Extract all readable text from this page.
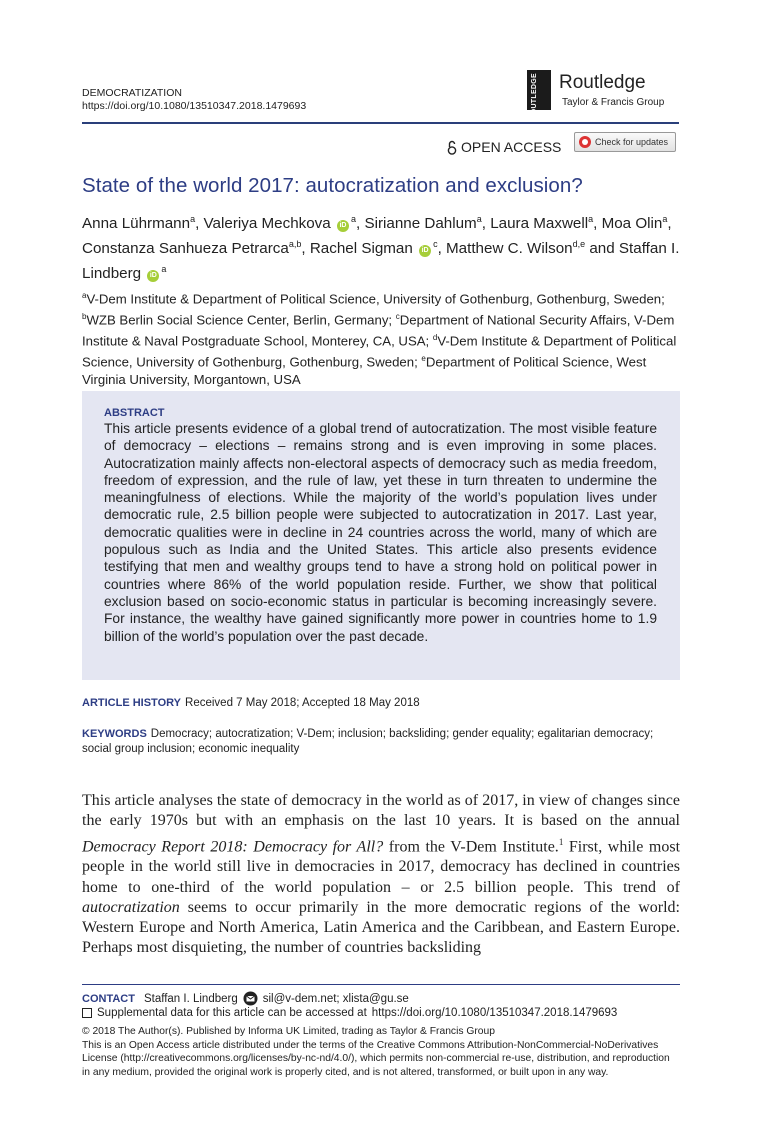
DEMOCRATIZATION
https://doi.org/10.1080/13510347.2018.1479693	ROUTLEDGE Routledge
Taylor & Francis Group
OPEN ACCESS	Check for updates
State of the world 2017: autocratization and exclusion?
Anna Lührmann$^a$, Valeriya Mechkova $iD^a$, Sirianne Dahlum$^a$, Laura Maxwell$^a$, Moa Olin$^a$, Constanza Sanhueza Petrarca$^{a,b}$, Rachel Sigman $iD^c$, Matthew C. Wilson$^{d,e}$ and Staffan I. Lindberg $iD^a$
$^a$V-Dem Institute & Department of Political Science, University of Gothenburg, Gothenburg, Sweden; $^b$WZB Berlin Social Science Center, Berlin, Germany; $^c$Department of National Security Affairs, V-Dem Institute & Naval Postgraduate School, Monterey, CA, USA; $^d$V-Dem Institute & Department of Political Science, University of Gothenburg, Gothenburg, Sweden; $^e$Department of Political Science, West Virginia University, Morgantown, USA
ABSTRACT
This article presents evidence of a global trend of autocratization. The most visible feature of democracy – elections – remains strong and is even improving in some places. Autocratization mainly affects non-electoral aspects of democracy such as media freedom, freedom of expression, and the rule of law, yet these in turn threaten to undermine the meaningfulness of elections. While the majority of the world’s population lives under democratic rule, 2.5 billion people were subjected to autocratization in 2017. Last year, democratic qualities were in decline in 24 countries across the world, many of which are populous such as India and the United States. This article also presents evidence testifying that men and wealthy groups tend to have a strong hold on political power in countries where 86% of the world population reside. Further, we show that political exclusion based on socio-economic status in particular is becoming increasingly severe. For instance, the wealthy have gained significantly more power in countries home to 1.9 billion of the world’s population over the past decade.
ARTICLE HISTORY Received 7 May 2018; Accepted 18 May 2018
KEYWORDS Democracy; autocratization; V-Dem; inclusion; backsliding; gender equality; egalitarian democracy; social group inclusion; economic inequality
This article analyses the state of democracy in the world as of 2017, in view of changes since the early 1970s but with an emphasis on the last 10 years. It is based on the annual Democracy Report 2018: Democracy for All? from the V-Dem Institute.$^1$ First, while most people in the world still live in democracies in 2017, democracy has declined in countries home to one-third of the world population – or 2.5 billion people. This trend of autocratization seems to occur primarily in the more democratic regions of the world: Western Europe and North America, Latin America and the Caribbean, and Eastern Europe. Perhaps most disquieting, the number of countries backsliding
CONTACT Staffan I. Lindberg sil@v-dem.net; xlista@gu.se
Supplemental data for this article can be accessed at https://doi.org/10.1080/13510347.2018.1479693

© 2018 The Author(s). Published by Informa UK Limited, trading as Taylor & Francis Group

This is an Open Access article distributed under the terms of the Creative Commons Attribution-NonCommercial-NoDerivatives License (http://creativecommons.org/licenses/by-nc-nd/4.0/), which permits non-commercial re-use, distribution, and reproduction in any medium, provided the original work is properly cited, and is not altered, transformed, or built upon in any way.
